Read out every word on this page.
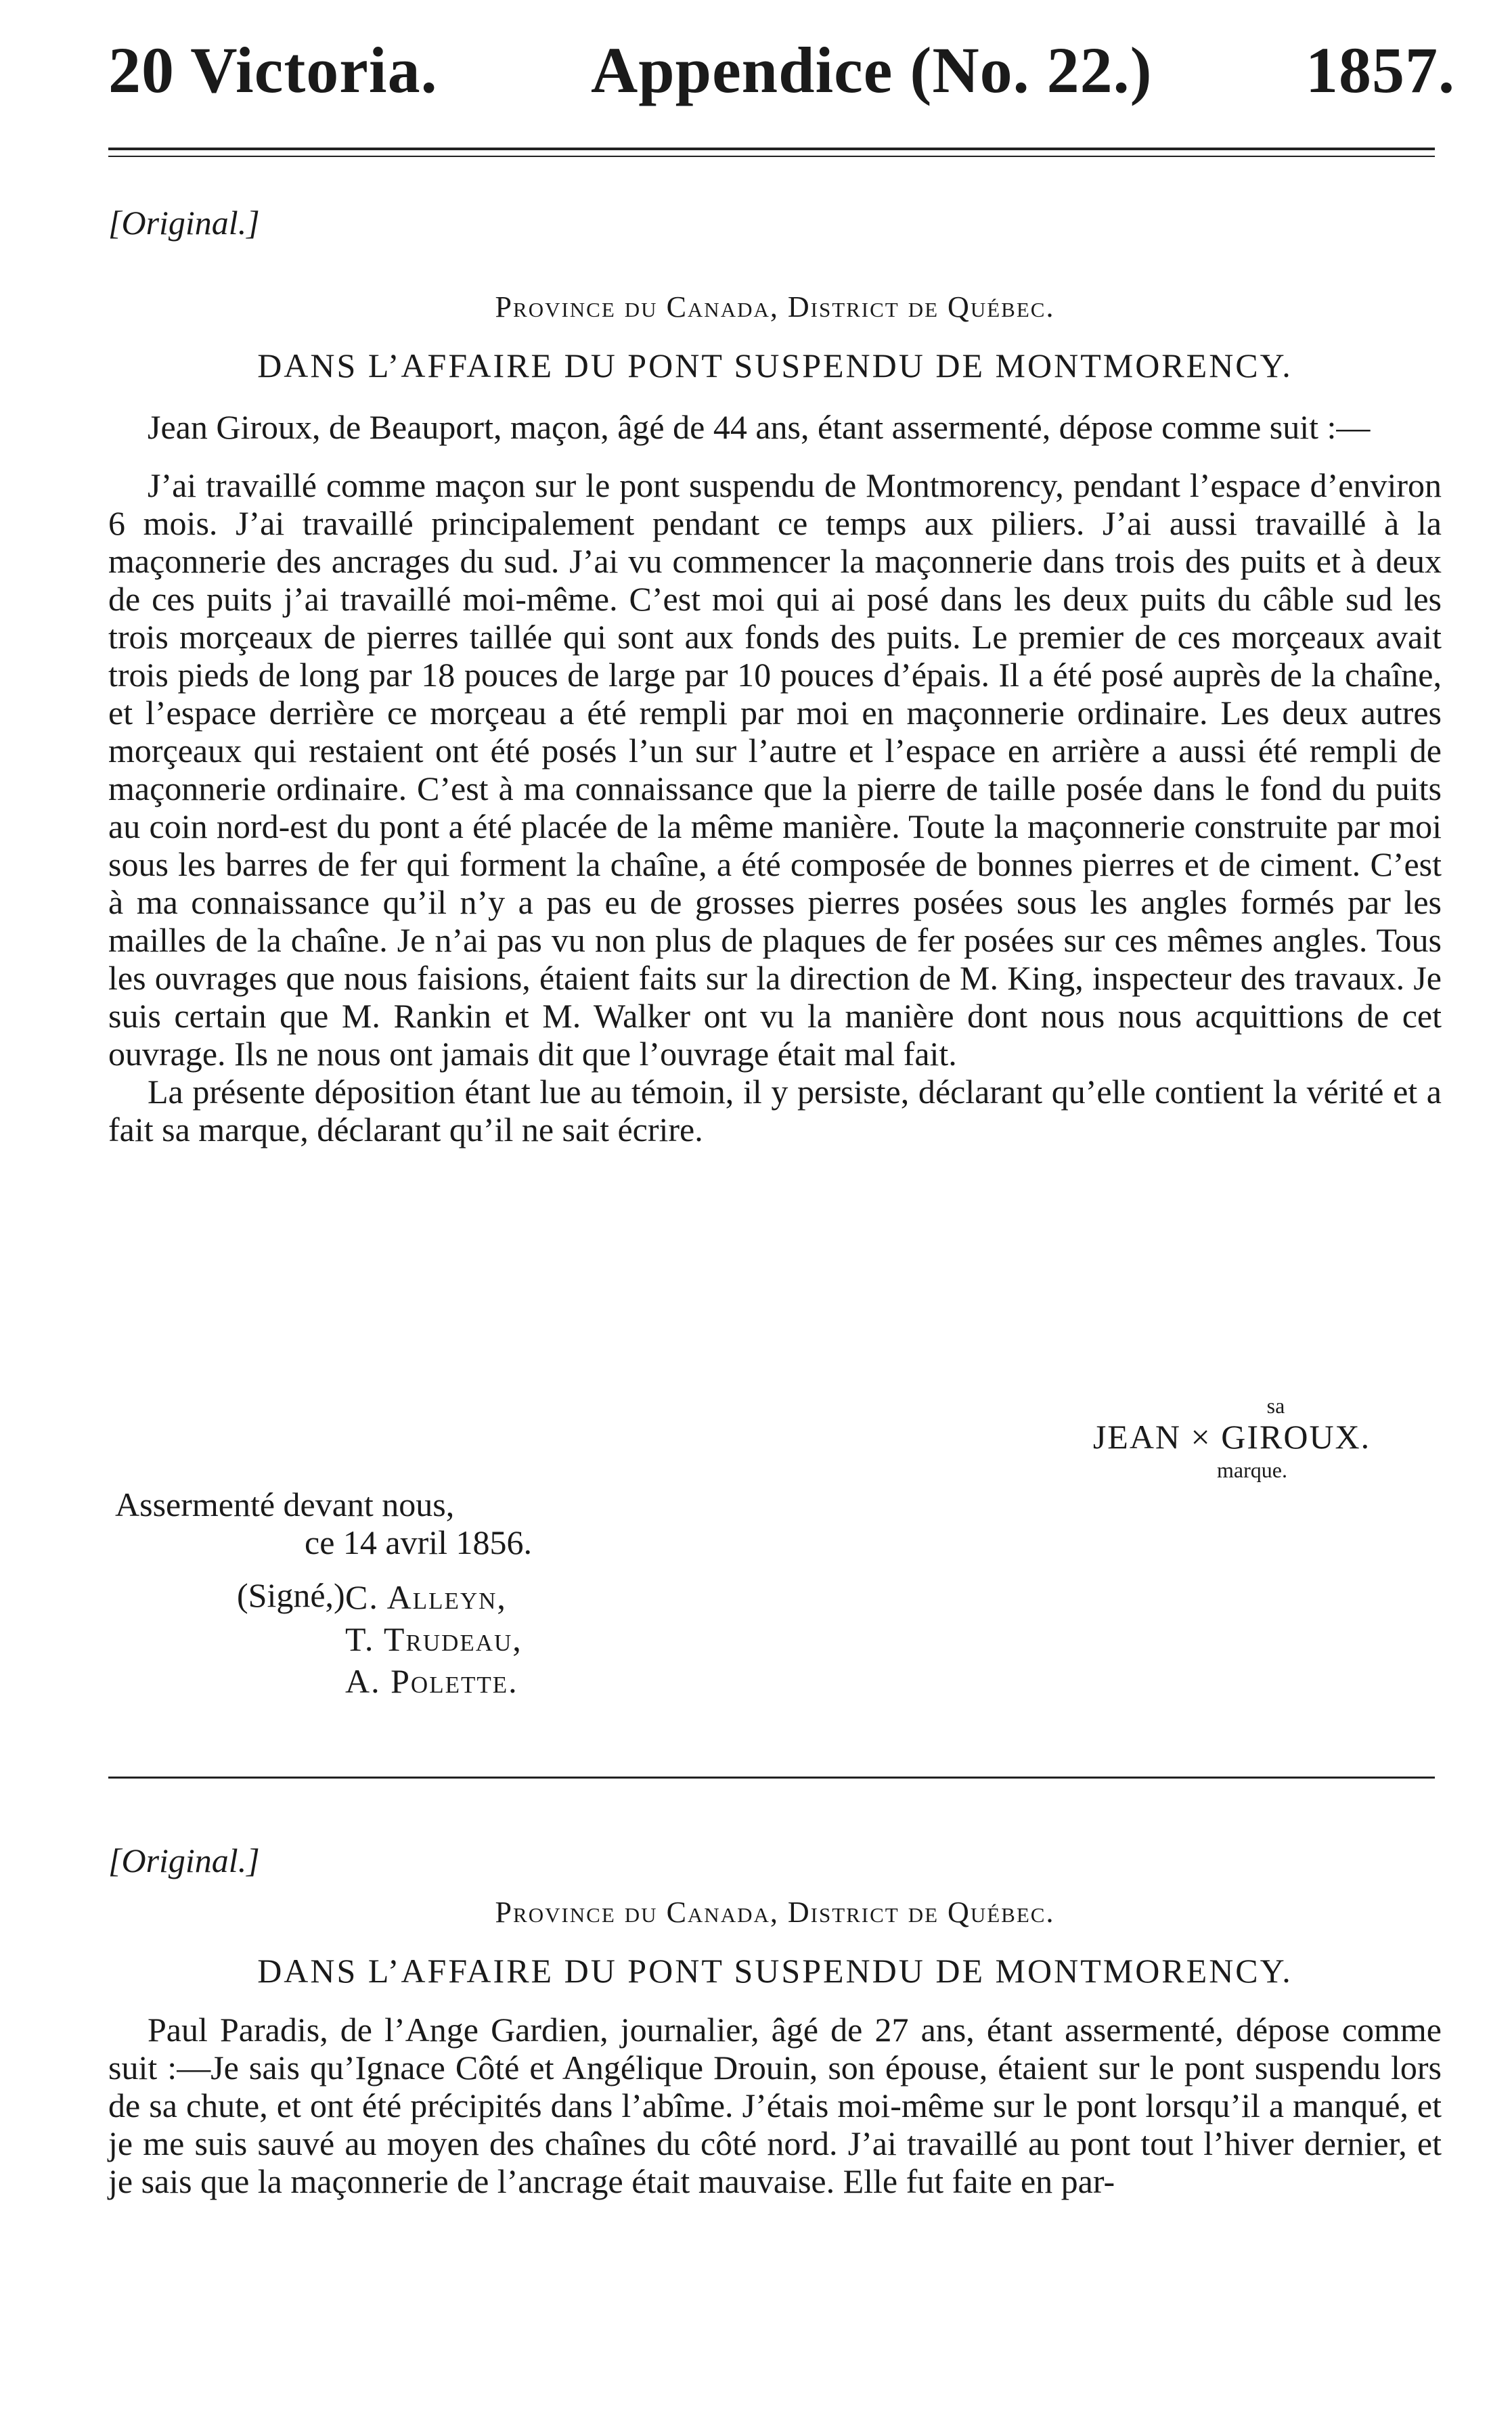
20 Victoria. Appendice (No. 22.) 1857.

[Original.]

Province du Canada, District de Québec.
DANS L’AFFAIRE DU PONT SUSPENDU DE MONTMORENCY.

Jean Giroux, de Beauport, maçon, âgé de 44 ans, étant assermenté, dépose comme suit :—

J’ai travaillé comme maçon sur le pont suspendu de Montmorency, pendant l’espace d’environ 6 mois. J’ai travaillé principalement pendant ce temps aux piliers. J’ai aussi travaillé à la maçonnerie des ancrages du sud. J’ai vu commencer la maçonnerie dans trois des puits et à deux de ces puits j’ai travaillé moi-même. C’est moi qui ai posé dans les deux puits du câble sud les trois morçeaux de pierres taillée qui sont aux fonds des puits. Le premier de ces morçeaux avait trois pieds de long par 18 pouces de large par 10 pouces d’épais. Il a été posé auprès de la chaîne, et l’espace derrière ce morçeau a été rempli par moi en maçonnerie ordinaire. Les deux autres morçeaux qui restaient ont été posés l’un sur l’autre et l’espace en arrière a aussi été rempli de maçonnerie ordinaire. C’est à ma connaissance que la pierre de taille posée dans le fond du puits au coin nord-est du pont a été placée de la même manière. Toute la maçonnerie construite par moi sous les barres de fer qui forment la chaîne, a été composée de bonnes pierres et de ciment. C’est à ma connaissance qu’il n’y a pas eu de grosses pierres posées sous les angles formés par les mailles de la chaîne. Je n’ai pas vu non plus de plaques de fer posées sur ces mêmes angles. Tous les ouvrages que nous faisions, étaient faits sur la direction de M. King, inspecteur des travaux. Je suis certain que M. Rankin et M. Walker ont vu la manière dont nous nous acquittions de cet ouvrage. Ils ne nous ont jamais dit que l’ouvrage était mal fait.

La présente déposition étant lue au témoin, il y persiste, déclarant qu’elle contient la vérité et a fait sa marque, déclarant qu’il ne sait écrire.

sa
JEAN × GIROUX.
marque.
Assermenté devant nous,
ce 14 avril 1856.
(Signé,) C. Alleyn,
T. Trudeau,
A. Polette.

[Original.]

Province du Canada, District de Québec.
DANS L’AFFAIRE DU PONT SUSPENDU DE MONTMORENCY.

Paul Paradis, de l’Ange Gardien, journalier, âgé de 27 ans, étant assermenté, dépose comme suit :—Je sais qu’Ignace Côté et Angélique Drouin, son épouse, étaient sur le pont suspendu lors de sa chute, et ont été précipités dans l’abîme. J’étais moi-même sur le pont lorsqu’il a manqué, et je me suis sauvé au moyen des chaînes du côté nord. J’ai travaillé au pont tout l’hiver dernier, et je sais que la maçonnerie de l’ancrage était mauvaise. Elle fut faite en par-
